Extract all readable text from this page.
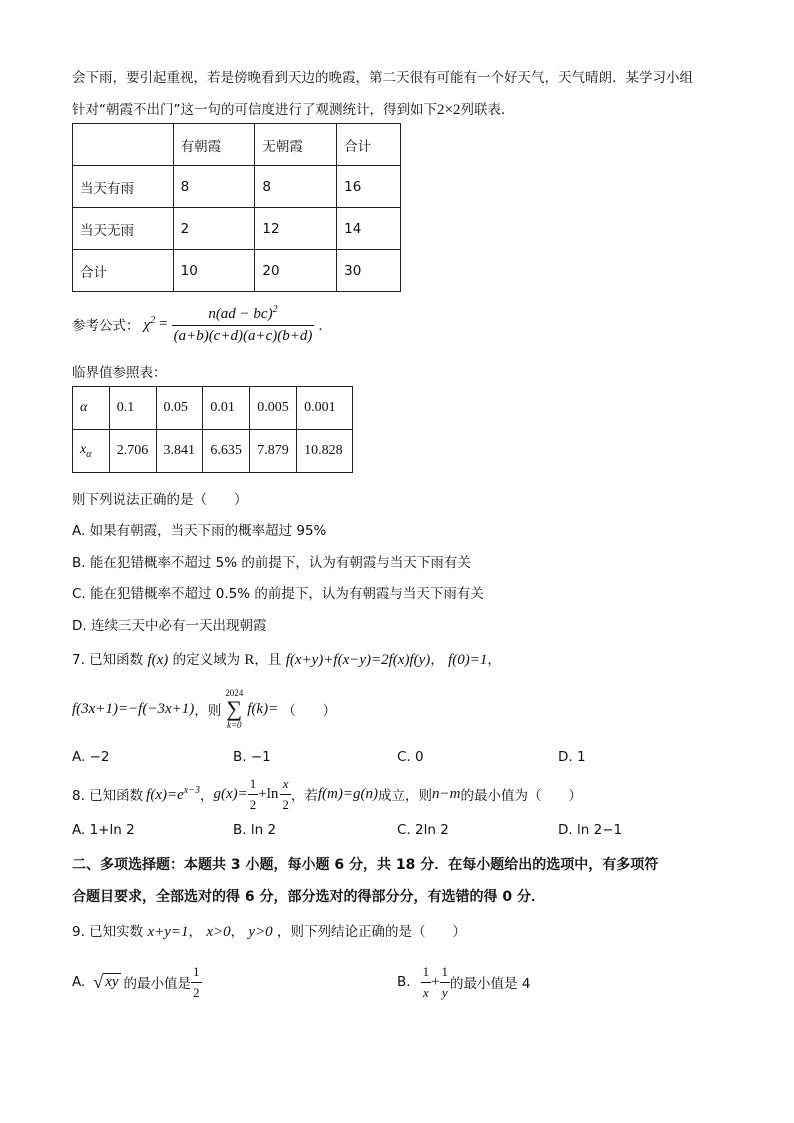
会下雨，要引起重视，若是傍晚看到天边的晚霞，第二天很有可能有一个好天气，天气晴朗．某学习小组
针对“朝霞不出门”这一句的可信度进行了观测统计，得到如下2×2列联表．
	有朝霞	无朝霞	合计
当天有雨	8	8	16
当天无雨	2	12	14
合计	10	20	30
参考公式： $\chi^2 = \frac{n(ad - bc)^2}{(a+b)(c+d)(a+c)(b+d)}$ ．
临界值参照表：
α	0.1	0.05	0.01	0.005	0.001
$x_\alpha$	2.706	3.841	6.635	7.879	10.828
则下列说法正确的是（　　）
A. 如果有朝霞，当天下雨的概率超过 95%
B. 能在犯错概率不超过 5% 的前提下，认为有朝霞与当天下雨有关
C. 能在犯错概率不超过 0.5% 的前提下，认为有朝霞与当天下雨有关
D. 连续三天中必有一天出现朝霞
7. 已知函数 f(x) 的定义域为 R，且 f(x+y)+f(x−y)=2f(x)f(y)， f(0)=1，
f(3x+1)=−f(−3x+1) ，则
2024
∑
k=0
f(k)= （　　）
A. −2	B. −1	C. 0	D. 1
8. 已知函数 $f(x)=e^{x-3}$ ， $g(x)= \frac{1}{2} +\ln \frac{x}{2}$ ，若 f(m)=g(n) 成立，则 n−m 的最小值为（　　）
A. 1+ln 2	B. ln 2	C. 2ln 2	D. ln 2−1
二、多项选择题：本题共 3 小题，每小题 6 分，共 18 分．在每小题给出的选项中，有多项符
合题目要求，全部选对的得 6 分，部分选对的得部分分，有选错的得 0 分．
9. 已知实数 x+y=1， x>0， y>0 ，则下列结论正确的是（　　）
A. √ xy 的最小值是 $\frac{1}{2}$	B. $\frac{1}{x} + \frac{1}{y}$ 的最小值是 4
